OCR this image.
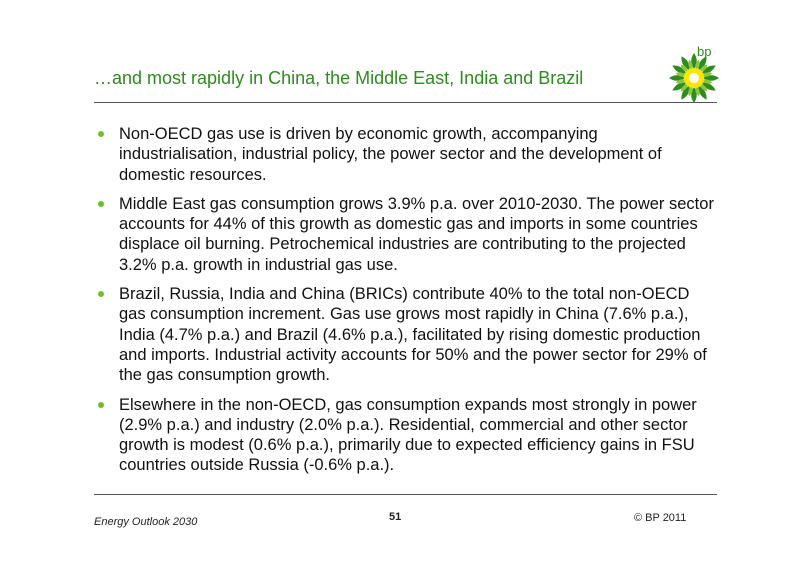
…and most rapidly in China, the Middle East, India and Brazil
bp
Non-OECD gas use is driven by economic growth, accompanying industrialisation, industrial policy, the power sector and the development of domestic resources.
Middle East gas consumption grows 3.9% p.a. over 2010-2030. The power sector accounts for 44% of this growth as domestic gas and imports in some countries displace oil burning. Petrochemical industries are contributing to the projected 3.2% p.a. growth in industrial gas use.
Brazil, Russia, India and China (BRICs) contribute 40% to the total non-OECD gas consumption increment. Gas use grows most rapidly in China (7.6% p.a.), India (4.7% p.a.) and Brazil (4.6% p.a.), facilitated by rising domestic production and imports. Industrial activity accounts for 50% and the power sector for 29% of the gas consumption growth.
Elsewhere in the non-OECD, gas consumption expands most strongly in power (2.9% p.a.) and industry (2.0% p.a.). Residential, commercial and other sector growth is modest (0.6% p.a.), primarily due to expected efficiency gains in FSU countries outside Russia (-0.6% p.a.).
Energy Outlook 2030	51	© BP 2011
